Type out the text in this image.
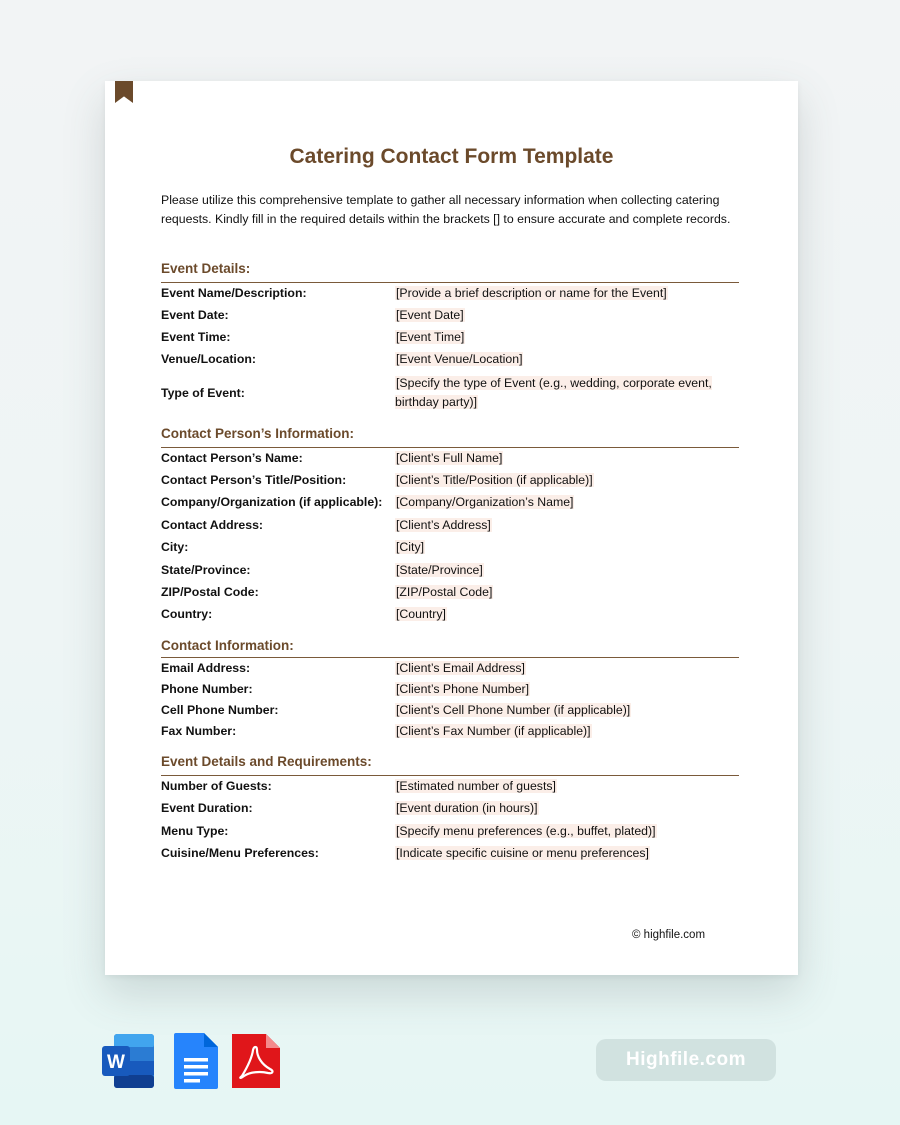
Catering Contact Form Template
Please utilize this comprehensive template to gather all necessary information when collecting catering requests. Kindly fill in the required details within the brackets [] to ensure accurate and complete records.
Event Details:
Event Name/Description:	[Provide a brief description or name for the Event]
Event Date:	[Event Date]
Event Time:	[Event Time]
Venue/Location:	[Event Venue/Location]
Type of Event:
[Specify the type of Event (e.g., wedding, corporate event, birthday party)]
Contact Person’s Information:
Contact Person’s Name:	[Client’s Full Name]
Contact Person’s Title/Position:	[Client’s Title/Position (if applicable)]
Company/Organization (if applicable):	[Company/Organization’s Name]
Contact Address:	[Client’s Address]
City:	[City]
State/Province:	[State/Province]
ZIP/Postal Code:	[ZIP/Postal Code]
Country:	[Country]
Contact Information:
Email Address:	[Client’s Email Address]
Phone Number:	[Client’s Phone Number]
Cell Phone Number:	[Client’s Cell Phone Number (if applicable)]
Fax Number:	[Client’s Fax Number (if applicable)]
Event Details and Requirements:
Number of Guests:	[Estimated number of guests]
Event Duration:	[Event duration (in hours)]
Menu Type:	[Specify menu preferences (e.g., buffet, plated)]
Cuisine/Menu Preferences:	[Indicate specific cuisine or menu preferences]
© highfile.com
W	Highfile.com
